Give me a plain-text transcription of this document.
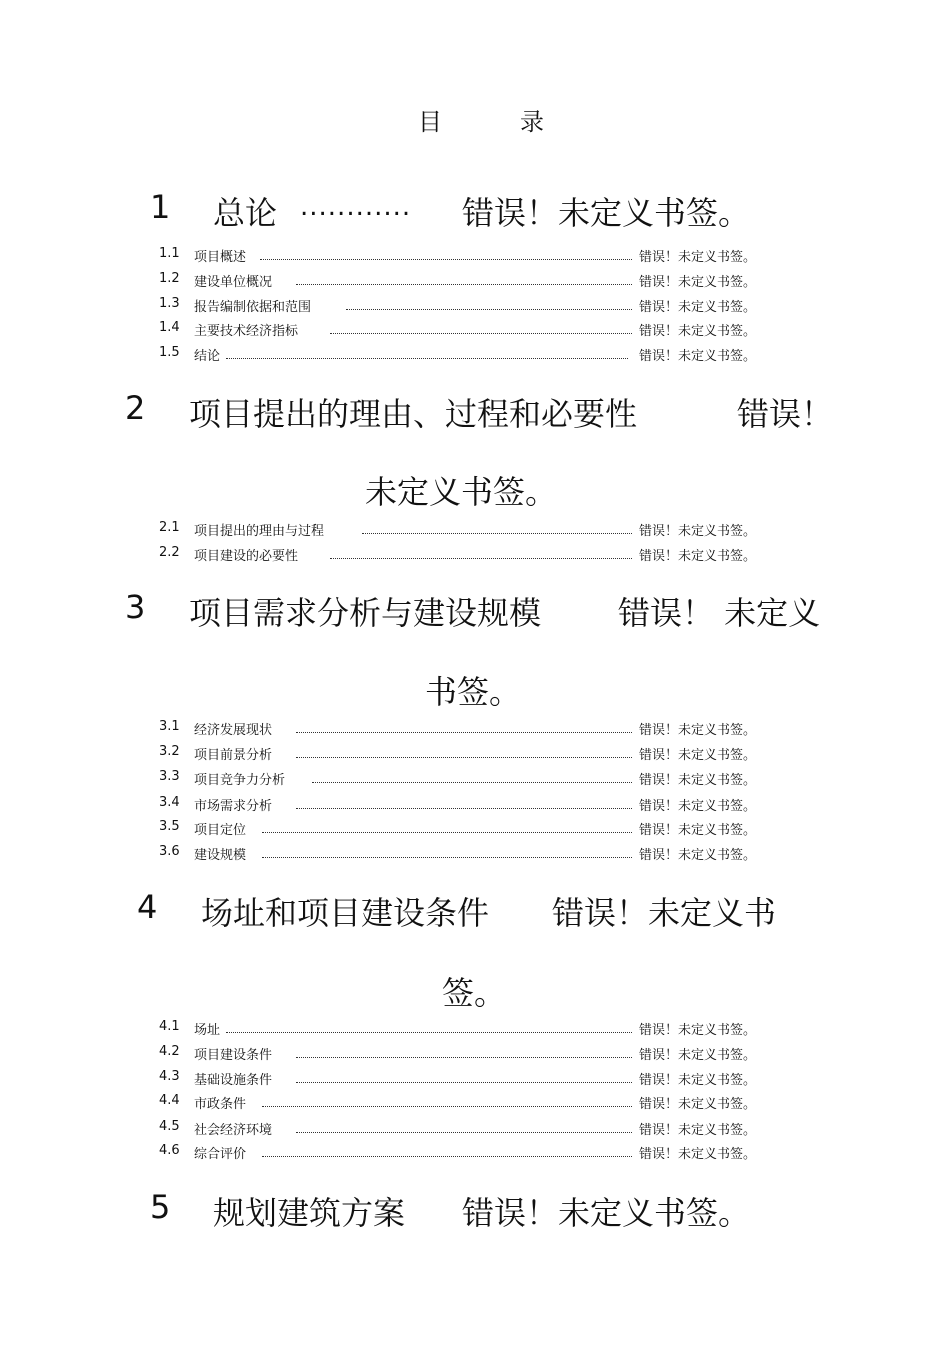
目	录
1 总论 ............ 错误！未定义书签。
1.1 项目概述	错误！未定义书签。
1.2 建设单位概况	错误！未定义书签。
1.3 报告编制依据和范围	错误！未定义书签。
1.4 主要技术经济指标	错误！未定义书签。
1.5 结论	错误！未定义书签。
2 项目提出的理由、过程和必要性	错误！
未定义书签。
2.1 项目提出的理由与过程	错误！未定义书签。
2.2 项目建设的必要性	错误！未定义书签。
3 项目需求分析与建设规模 错误！ 未定义
书签。
3.1 经济发展现状	错误！未定义书签。
3.2 项目前景分析	错误！未定义书签。
3.3 项目竞争力分析	错误！未定义书签。
3.4 市场需求分析	错误！未定义书签。
3.5 项目定位	错误！未定义书签。
3.6 建设规模	错误！未定义书签。
4 场址和项目建设条件 错误！未定义书
签。
4.1 场址	错误！未定义书签。
4.2 项目建设条件	错误！未定义书签。
4.3 基础设施条件	错误！未定义书签。
4.4 市政条件	错误！未定义书签。
4.5 社会经济环境	错误！未定义书签。
4.6 综合评价	错误！未定义书签。
5 规划建筑方案 错误！未定义书签。
